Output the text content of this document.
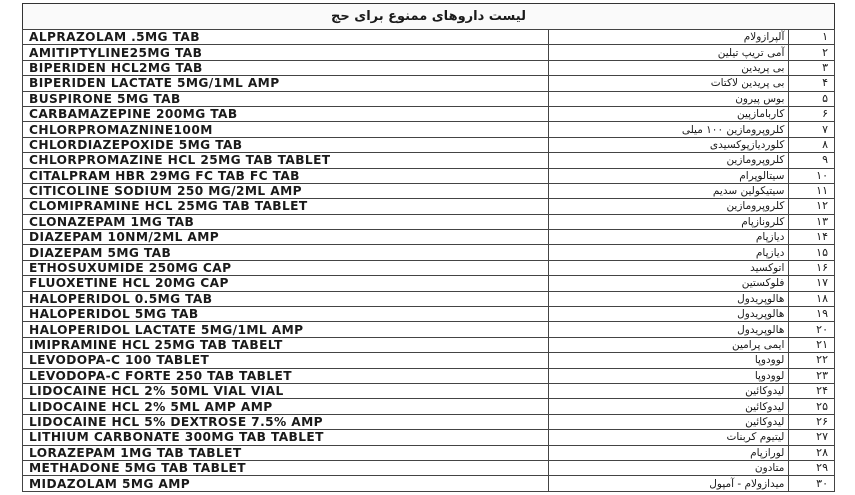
لیست داروهای ممنوع برای حج
ALPRAZOLAM .5MG TAB	آلپرازولام	۱
AMITIPTYLINE25MG TAB	آمی تریپ تیلین	۲
BIPERIDEN HCL2MG TAB	بی پریدین	۳
BIPERIDEN LACTATE 5MG/1ML AMP	بی پریدین لاکتات	۴
BUSPIRONE 5MG TAB	بوس پیرون	۵
CARBAMAZEPINE 200MG TAB	کاربامازپین	۶
CHLORPROMAZNINE100M	کلروپرومازین ۱۰۰ میلی	۷
CHLORDIAZEPOXIDE 5MG TAB	کلوردیازپوکسیدی	۸
CHLORPROMAZINE HCL 25MG TAB TABLET	کلروپرومازین	۹
CITALPRAM HBR 29MG FC TAB FC TAB	سیتالوپرام	۱۰
CITICOLINE SODIUM 250 MG/2ML AMP	سیتیکولین سدیم	۱۱
CLOMIPRAMINE HCL 25MG TAB TABLET	کلروپرومازین	۱۲
CLONAZEPAM 1MG TAB	کلرونازپام	۱۳
DIAZEPAM 10NM/2ML AMP	دیازپام	۱۴
DIAZEPAM 5MG TAB	دیازپام	۱۵
ETHOSUXUMIDE 250MG CAP	اتوکسید	۱۶
FLUOXETINE HCL 20MG CAP	فلوکستین	۱۷
HALOPERIDOL 0.5MG TAB	هالوپریدول	۱۸
HALOPERIDOL 5MG TAB	هالوپریدول	۱۹
HALOPERIDOL LACTATE 5MG/1ML AMP	هالوپریدول	۲۰
IMIPRAMINE HCL 25MG TAB TABELT	ایمی پرامین	۲۱
LEVODOPA-C 100 TABLET	لوودوپا	۲۲
LEVODOPA-C FORTE 250 TAB TABLET	لوودوپا	۲۳
LIDOCAINE HCL 2% 50ML VIAL VIAL	لیدوکائین	۲۴
LIDOCAINE HCL 2% 5ML AMP AMP	لیدوکائین	۲۵
LIDOCAINE HCL 5% DEXTROSE 7.5% AMP	لیدوکائین	۲۶
LITHIUM CARBONATE 300MG TAB TABLET	لیتیوم کربنات	۲۷
LORAZEPAM 1MG TAB TABLET	لورازپام	۲۸
METHADONE 5MG TAB TABLET	متادون	۲۹
MIDAZOLAM 5MG AMP	میدازولام - آمپول	۳۰
